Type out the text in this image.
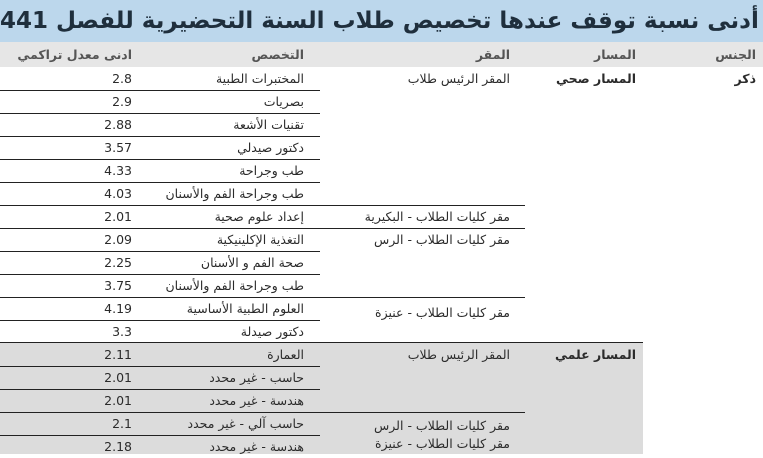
أدنى نسبة توقف عندها تخصيص طلاب السنة التحضيرية للفصل 441
الجنس
المسار
المقر
التخصص
ادنى معدل تراكمي
ذكر
المسار صحي
المقر الرئيس طلاب
المختبرات الطبية
2.8
بصريات
2.9
تقنيات الأشعة
2.88
دكتور صيدلي
3.57
طب وجراحة
4.33
طب وجراحة الفم والأسنان
4.03
مقر كليات الطلاب - البكيرية
إعداد علوم صحية
2.01
مقر كليات الطلاب - الرس
التغذية الإكلينيكية
2.09
صحة الفم و الأسنان
2.25
طب وجراحة الفم والأسنان
3.75
مقر كليات الطلاب - عنيزة
العلوم الطبية الأساسية
4.19
دكتور صيدلة
3.3
المسار علمي
المقر الرئيس طلاب
العمارة
2.11
حاسب - غير محدد
2.01
هندسة - غير محدد
2.01
مقر كليات الطلاب - الرس
حاسب آلي - غير محدد
2.1
مقر كليات الطلاب - عنيزة
هندسة - غير محدد
2.18
